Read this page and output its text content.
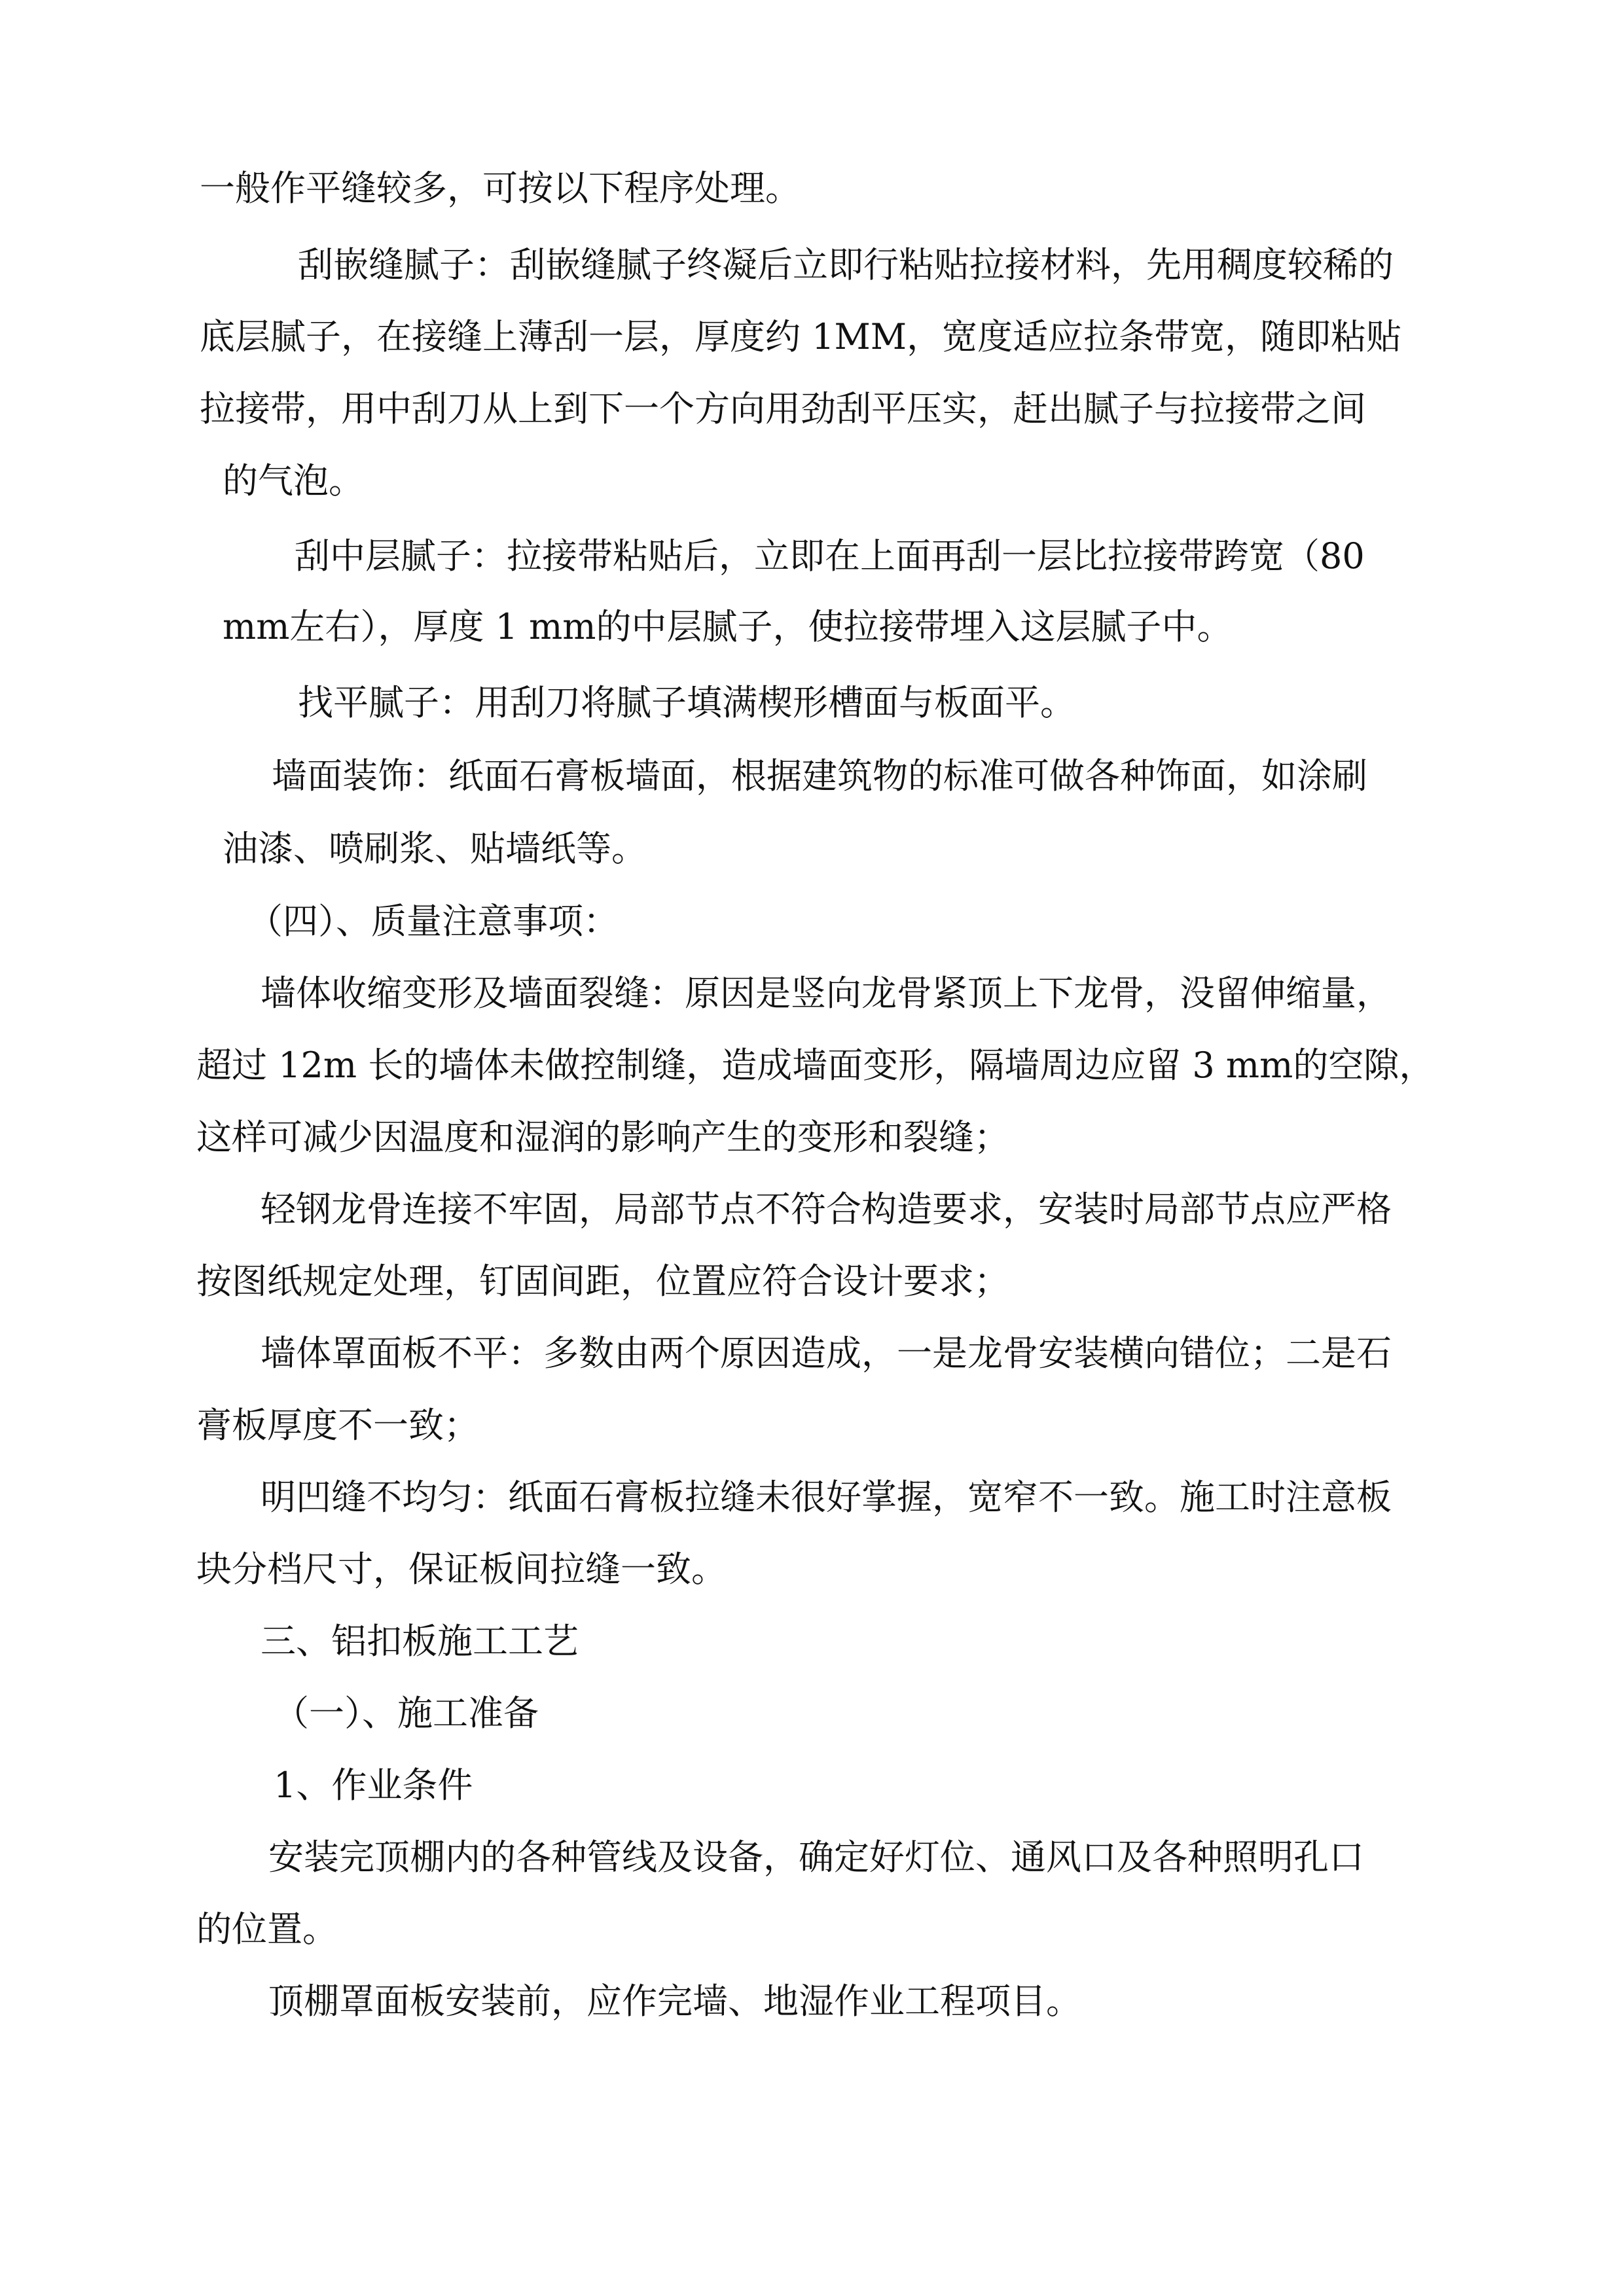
一般作平缝较多，可按以下程序处理。

刮嵌缝腻子：刮嵌缝腻子终凝后立即行粘贴拉接材料，先用稠度较稀的

底层腻子，在接缝上薄刮一层，厚度约 1MM，宽度适应拉条带宽，随即粘贴

拉接带，用中刮刀从上到下一个方向用劲刮平压实，赶出腻子与拉接带之间

的气泡。

刮中层腻子：拉接带粘贴后，立即在上面再刮一层比拉接带跨宽（80

mm左右），厚度 1 mm的中层腻子，使拉接带埋入这层腻子中。

找平腻子：用刮刀将腻子填满楔形槽面与板面平。

墙面装饰：纸面石膏板墙面，根据建筑物的标准可做各种饰面，如涂刷

油漆、喷刷浆、贴墙纸等。

（四）、质量注意事项：

墙体收缩变形及墙面裂缝：原因是竖向龙骨紧顶上下龙骨，没留伸缩量，

超过 12m 长的墙体未做控制缝，造成墙面变形，隔墙周边应留 3 mm的空隙，

这样可减少因温度和湿润的影响产生的变形和裂缝；

轻钢龙骨连接不牢固，局部节点不符合构造要求，安装时局部节点应严格

按图纸规定处理，钉固间距，位置应符合设计要求；

墙体罩面板不平：多数由两个原因造成，一是龙骨安装横向错位；二是石

膏板厚度不一致；

明凹缝不均匀：纸面石膏板拉缝未很好掌握，宽窄不一致。施工时注意板

块分档尺寸，保证板间拉缝一致。

三、铝扣板施工工艺

（一）、施工准备

1、作业条件

安装完顶棚内的各种管线及设备，确定好灯位、通风口及各种照明孔口

的位置。

顶棚罩面板安装前，应作完墙、地湿作业工程项目。
